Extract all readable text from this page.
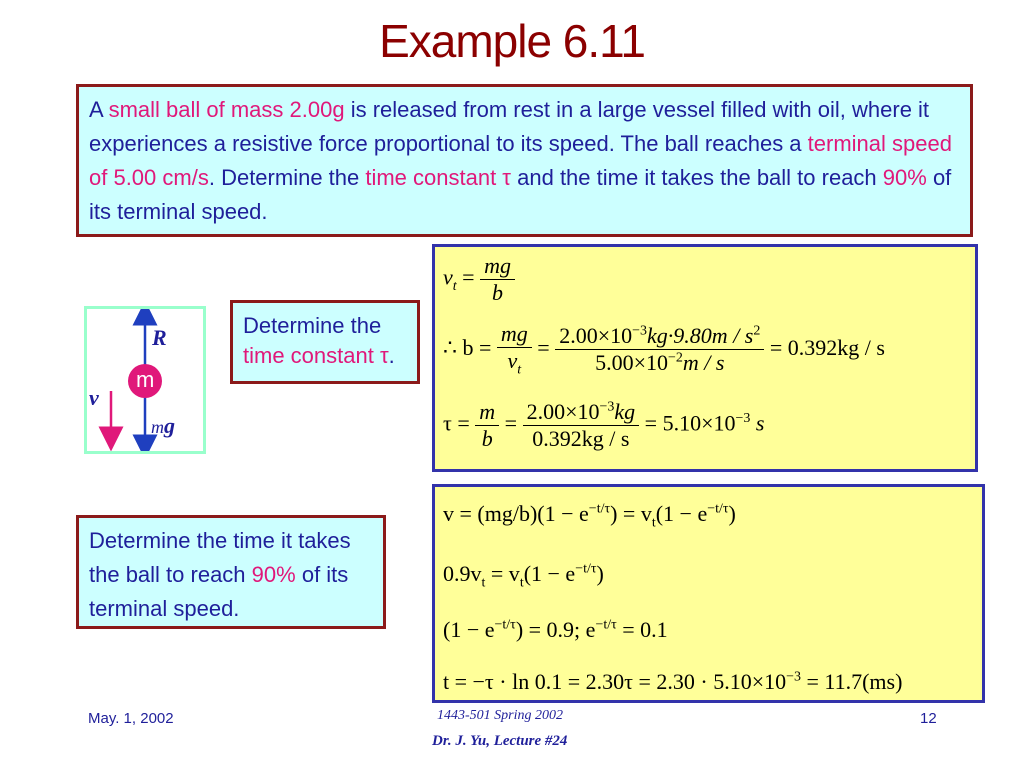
Example 6.11
A small ball of mass 2.00g is released from rest in a large vessel filled with oil, where it experiences a resistive force proportional to its speed. The ball reaches a terminal speed of 5.00 cm/s. Determine the time constant τ and the time it takes the ball to reach 90% of its terminal speed.
R
m
mg
v
Determine the time constant τ.
$v_t = \frac{mg}{b}$
∴ $b = \frac{mg}{v_t} = \frac{2.00\times 10^{-3}kg\cdot 9.80m / s^2}{5.00\times 10^{-2}m / s} = 0.392kg / s$
$\tau = \frac{m}{b} = \frac{2.00\times 10^{-3}kg}{0.392kg / s} = 5.10\times 10^{-3}$ s
Determine the time it takes the ball to reach 90% of its terminal speed.
$v = (mg/b)(1 - e^{-t/\tau}) = v_t(1 - e^{-t/\tau})$
$0.9v_t = v_t(1 - e^{-t/\tau})$
$(1 - e^{-t/\tau}) = 0.9$; $e^{-t/\tau} = 0.1$
$t = -\tau \cdot \ln 0.1 = 2.30\tau = 2.30 \cdot 5.10\times 10^{-3} = 11.7(ms)$
May. 1, 2002	1443-501 Spring 2002
Dr. J. Yu, Lecture #24
12
